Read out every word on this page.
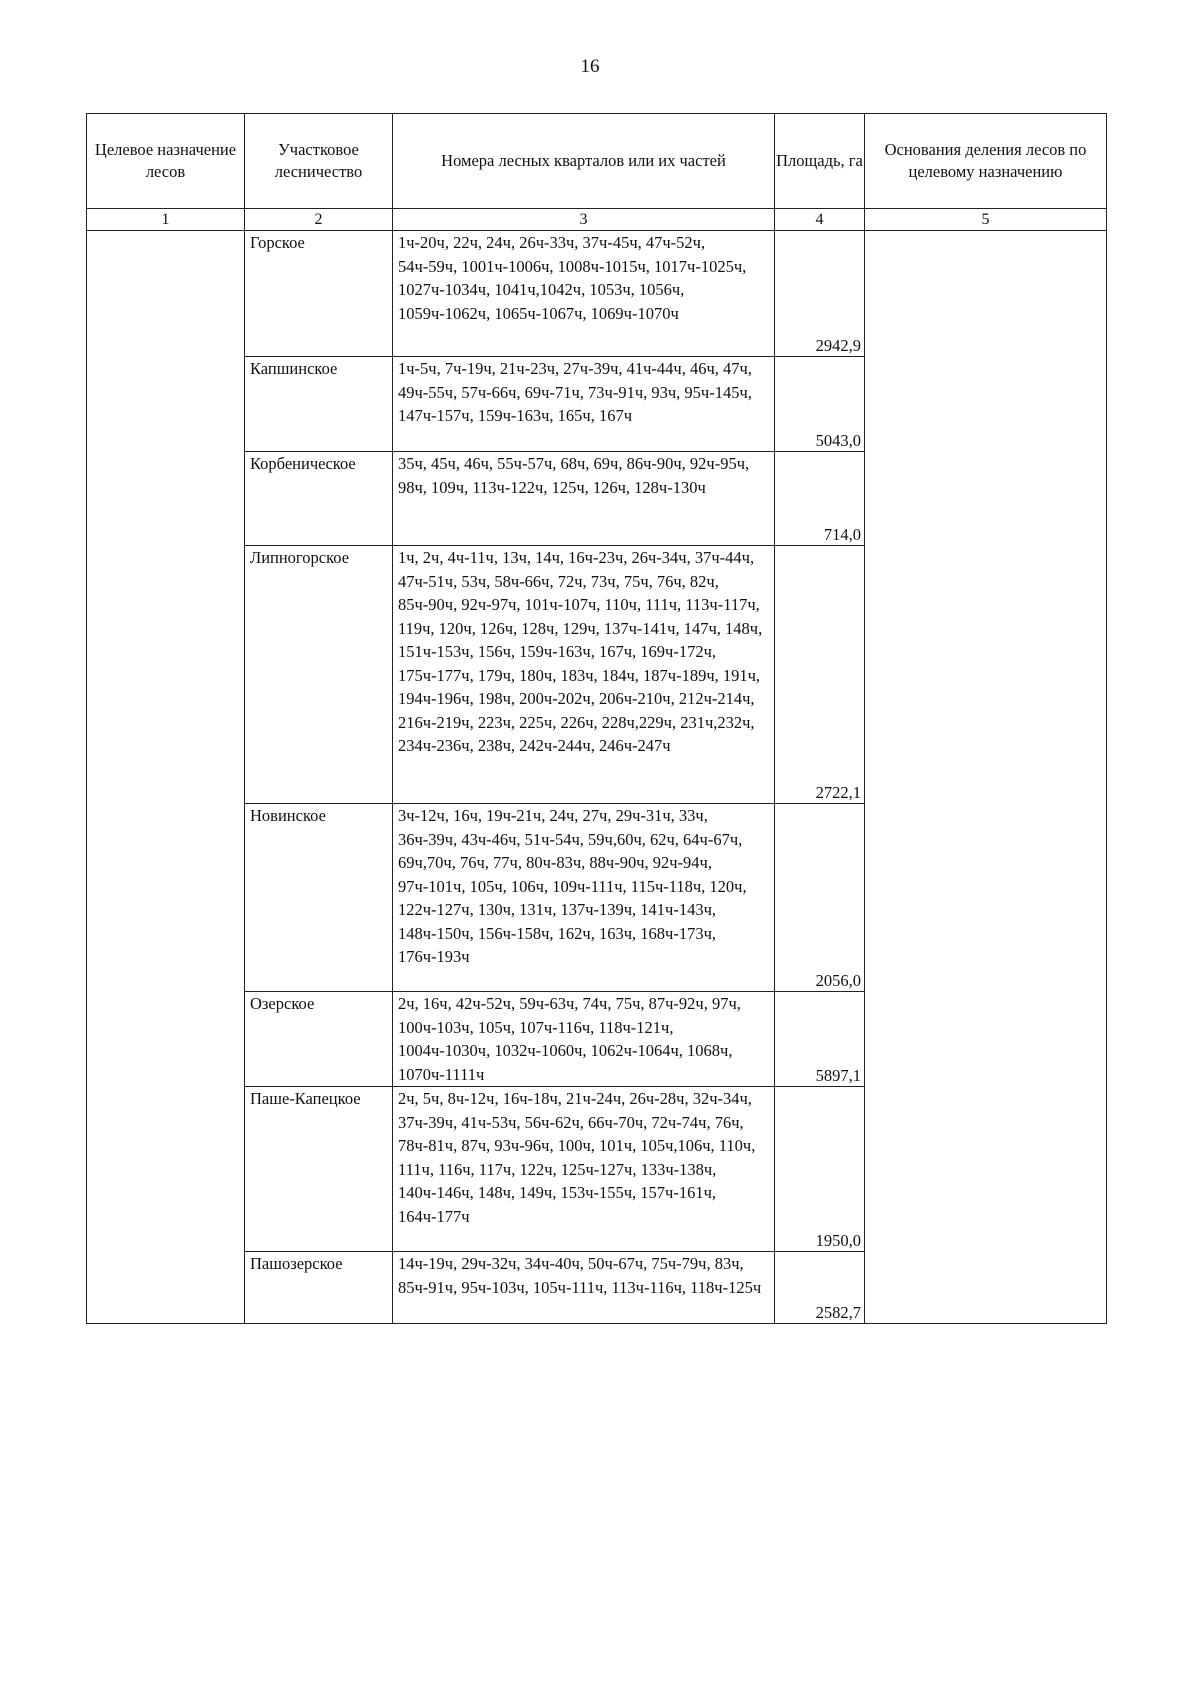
16
Целевое назначение лесов	Участковое лесничество	Номера лесных кварталов или их частей	Площадь, га	Основания деления лесов по целевому назначению
1	2	3	4	5
	Горское	1ч-20ч, 22ч, 24ч, 26ч-33ч, 37ч-45ч, 47ч-52ч, 54ч-59ч, 1001ч-1006ч, 1008ч-1015ч, 1017ч-1025ч, 1027ч-1034ч, 1041ч,1042ч, 1053ч, 1056ч, 1059ч-1062ч, 1065ч-1067ч, 1069ч-1070ч	2942,9	
	Капшинское	1ч-5ч, 7ч-19ч, 21ч-23ч, 27ч-39ч, 41ч-44ч, 46ч, 47ч, 49ч-55ч, 57ч-66ч, 69ч-71ч, 73ч-91ч, 93ч, 95ч-145ч, 147ч-157ч, 159ч-163ч, 165ч, 167ч	5043,0	
	Корбеничеcкое	35ч, 45ч, 46ч, 55ч-57ч, 68ч, 69ч, 86ч-90ч, 92ч-95ч, 98ч, 109ч, 113ч-122ч, 125ч, 126ч, 128ч-130ч	714,0	
	Липногорское	1ч, 2ч, 4ч-11ч, 13ч, 14ч, 16ч-23ч, 26ч-34ч, 37ч-44ч, 47ч-51ч, 53ч, 58ч-66ч, 72ч, 73ч, 75ч, 76ч, 82ч, 85ч-90ч, 92ч-97ч, 101ч-107ч, 110ч, 111ч, 113ч-117ч, 119ч, 120ч, 126ч, 128ч, 129ч, 137ч-141ч, 147ч, 148ч, 151ч-153ч, 156ч, 159ч-163ч, 167ч, 169ч-172ч, 175ч-177ч, 179ч, 180ч, 183ч, 184ч, 187ч-189ч, 191ч, 194ч-196ч, 198ч, 200ч-202ч, 206ч-210ч, 212ч-214ч, 216ч-219ч, 223ч, 225ч, 226ч, 228ч,229ч, 231ч,232ч, 234ч-236ч, 238ч, 242ч-244ч, 246ч-247ч	2722,1	
	Новинское	3ч-12ч, 16ч, 19ч-21ч, 24ч, 27ч, 29ч-31ч, 33ч, 36ч-39ч, 43ч-46ч, 51ч-54ч, 59ч,60ч, 62ч, 64ч-67ч, 69ч,70ч, 76ч, 77ч, 80ч-83ч, 88ч-90ч, 92ч-94ч, 97ч-101ч, 105ч, 106ч, 109ч-111ч, 115ч-118ч, 120ч, 122ч-127ч, 130ч, 131ч, 137ч-139ч, 141ч-143ч, 148ч-150ч, 156ч-158ч, 162ч, 163ч, 168ч-173ч, 176ч-193ч	2056,0	
	Озерское	2ч, 16ч, 42ч-52ч, 59ч-63ч, 74ч, 75ч, 87ч-92ч, 97ч, 100ч-103ч, 105ч, 107ч-116ч, 118ч-121ч, 1004ч-1030ч, 1032ч-1060ч, 1062ч-1064ч, 1068ч, 1070ч-1111ч	5897,1	
	Паше-Капецкое	2ч, 5ч, 8ч-12ч, 16ч-18ч, 21ч-24ч, 26ч-28ч, 32ч-34ч, 37ч-39ч, 41ч-53ч, 56ч-62ч, 66ч-70ч, 72ч-74ч, 76ч, 78ч-81ч, 87ч, 93ч-96ч, 100ч, 101ч, 105ч,106ч, 110ч, 111ч, 116ч, 117ч, 122ч, 125ч-127ч, 133ч-138ч, 140ч-146ч, 148ч, 149ч, 153ч-155ч, 157ч-161ч, 164ч-177ч	1950,0	
	Пашозерское	14ч-19ч, 29ч-32ч, 34ч-40ч, 50ч-67ч, 75ч-79ч, 83ч, 85ч-91ч, 95ч-103ч, 105ч-111ч, 113ч-116ч, 118ч-125ч	2582,7	
